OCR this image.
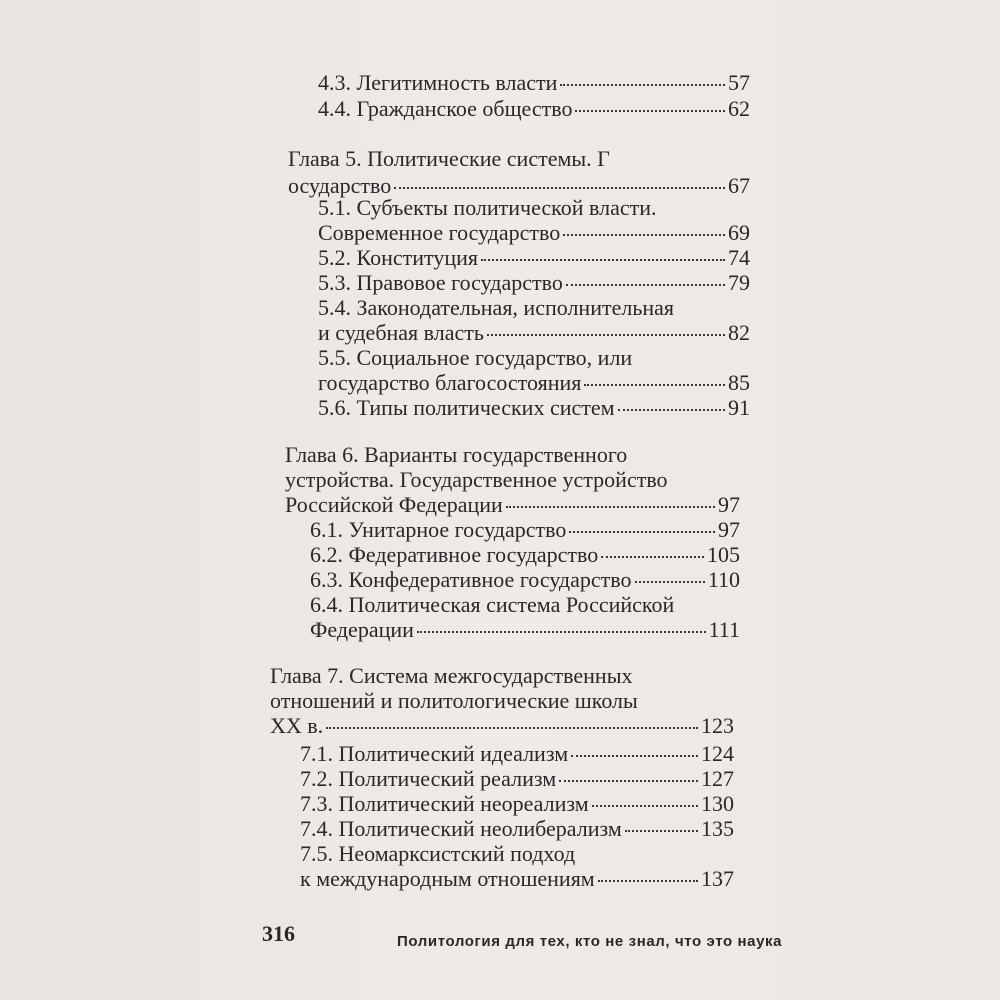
4.3. Легитимность власти	57
4.4. Гражданское общество	62
Глава 5. Политические системы. Г
осударство	67
5.1. Субъекты политической власти.
Современное государство	69
5.2. Конституция	74
5.3. Правовое государство	79
5.4. Законодательная, исполнительная
и судебная власть	82
5.5. Социальное государство, или
государство благосостояния	85
5.6. Типы политических систем	91
Глава 6. Варианты государственного
устройства. Государственное устройство
Российской Федерации	97
6.1. Унитарное государство	97
6.2. Федеративное государство	105
6.3. Конфедеративное государство	110
6.4. Политическая система Российской
Федерации	111
Глава 7. Система межгосударственных
отношений и политологические школы
XX в.	123
7.1. Политический идеализм	124
7.2. Политический реализм	127
7.3. Политический неореализм	130
7.4. Политический неолиберализм	135
7.5. Неомарксистский подход
к международным отношениям	137
316	Политология для тех, кто не знал, что это наука
